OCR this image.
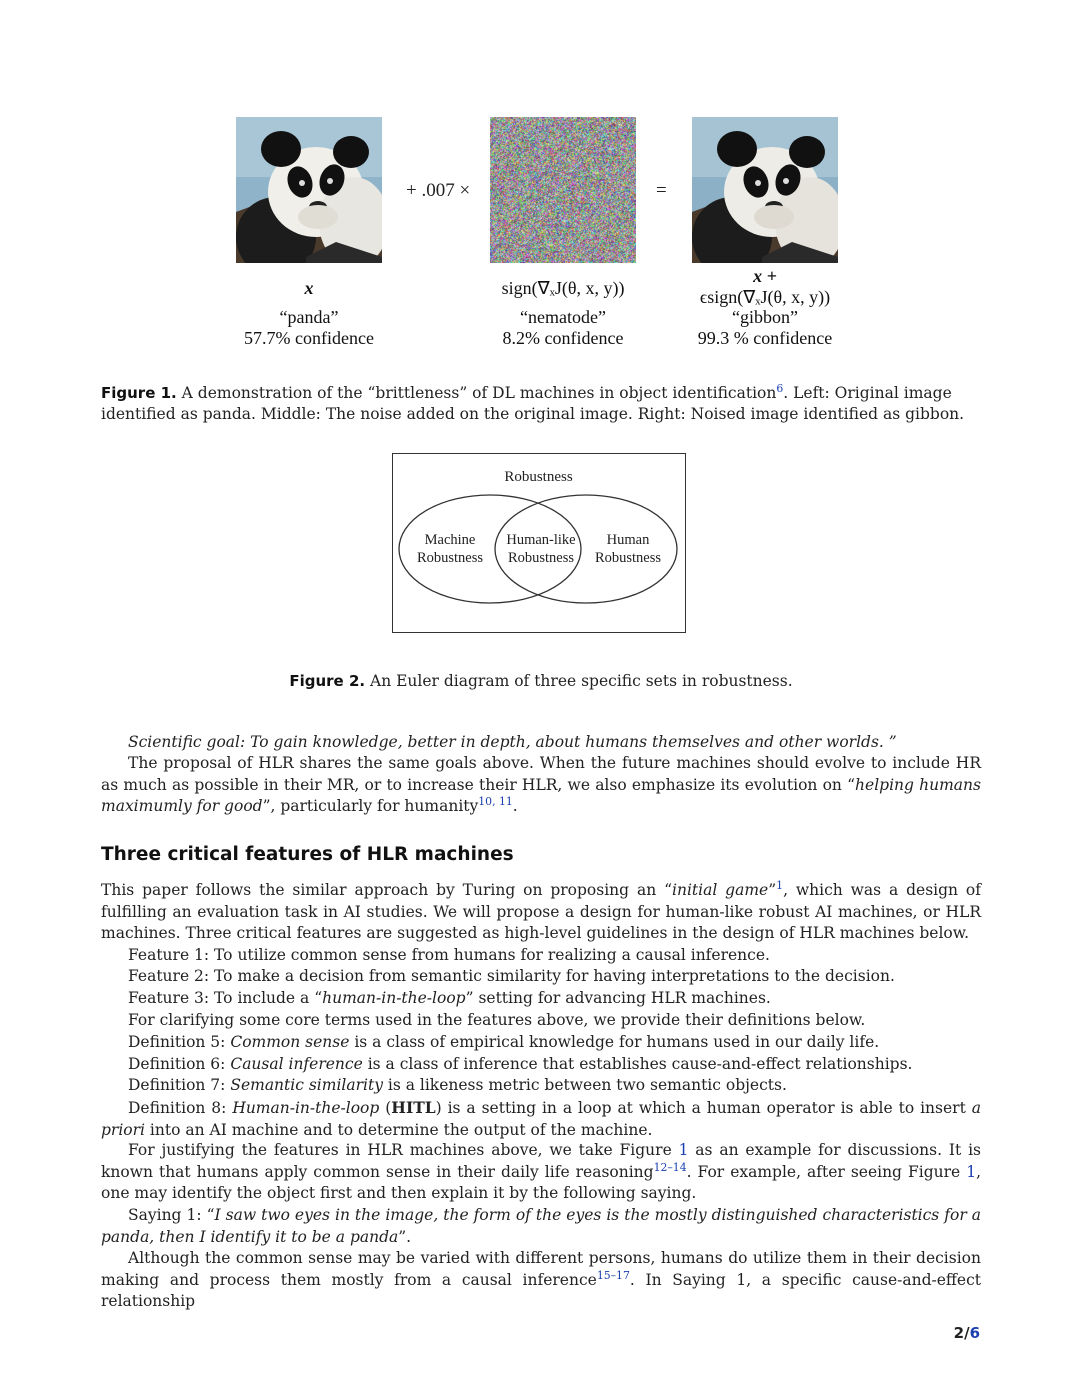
+ .007 ×	=
x
“panda”
57.7% confidence
sign(∇ₓJ(θ, x, y))
“nematode”
8.2% confidence
x +
ϵsign(∇ₓJ(θ, x, y))
“gibbon”
99.3 % confidence
Figure 1. A demonstration of the “brittleness” of DL machines in object identification$^6$. Left: Original image identified as panda. Middle: The noise added on the original image. Right: Noised image identified as gibbon.
Robustness
Machine
Robustness
Human-like
Robustness
Human
Robustness
Figure 2. An Euler diagram of three specific sets in robustness.
Scientific goal: To gain knowledge, better in depth, about humans themselves and other worlds. ”
The proposal of HLR shares the same goals above. When the future machines should evolve to include HR as much as possible in their MR, or to increase their HLR, we also emphasize its evolution on “helping humans maximumly for good”, particularly for humanity$^{10, 11}$.
Three critical features of HLR machines
This paper follows the similar approach by Turing on proposing an “initial game”$^1$, which was a design of fulfilling an evaluation task in AI studies. We will propose a design for human-like robust AI machines, or HLR machines. Three critical features are suggested as high-level guidelines in the design of HLR machines below.
Feature 1: To utilize common sense from humans for realizing a causal inference.
Feature 2: To make a decision from semantic similarity for having interpretations to the decision.
Feature 3: To include a “human-in-the-loop” setting for advancing HLR machines.
For clarifying some core terms used in the features above, we provide their definitions below.
Definition 5: Common sense is a class of empirical knowledge for humans used in our daily life.
Definition 6: Causal inference is a class of inference that establishes cause-and-effect relationships.
Definition 7: Semantic similarity is a likeness metric between two semantic objects.
Definition 8: Human-in-the-loop (HITL) is a setting in a loop at which a human operator is able to insert a priori into an AI machine and to determine the output of the machine.
For justifying the features in HLR machines above, we take Figure 1 as an example for discussions. It is known that humans apply common sense in their daily life reasoning$^{12-14}$. For example, after seeing Figure 1, one may identify the object first and then explain it by the following saying.
Saying 1: “I saw two eyes in the image, the form of the eyes is the mostly distinguished characteristics for a panda, then I identify it to be a panda”.
Although the common sense may be varied with different persons, humans do utilize them in their decision making and process them mostly from a causal inference$^{15-17}$. In Saying 1, a specific cause-and-effect relationship
2/6
